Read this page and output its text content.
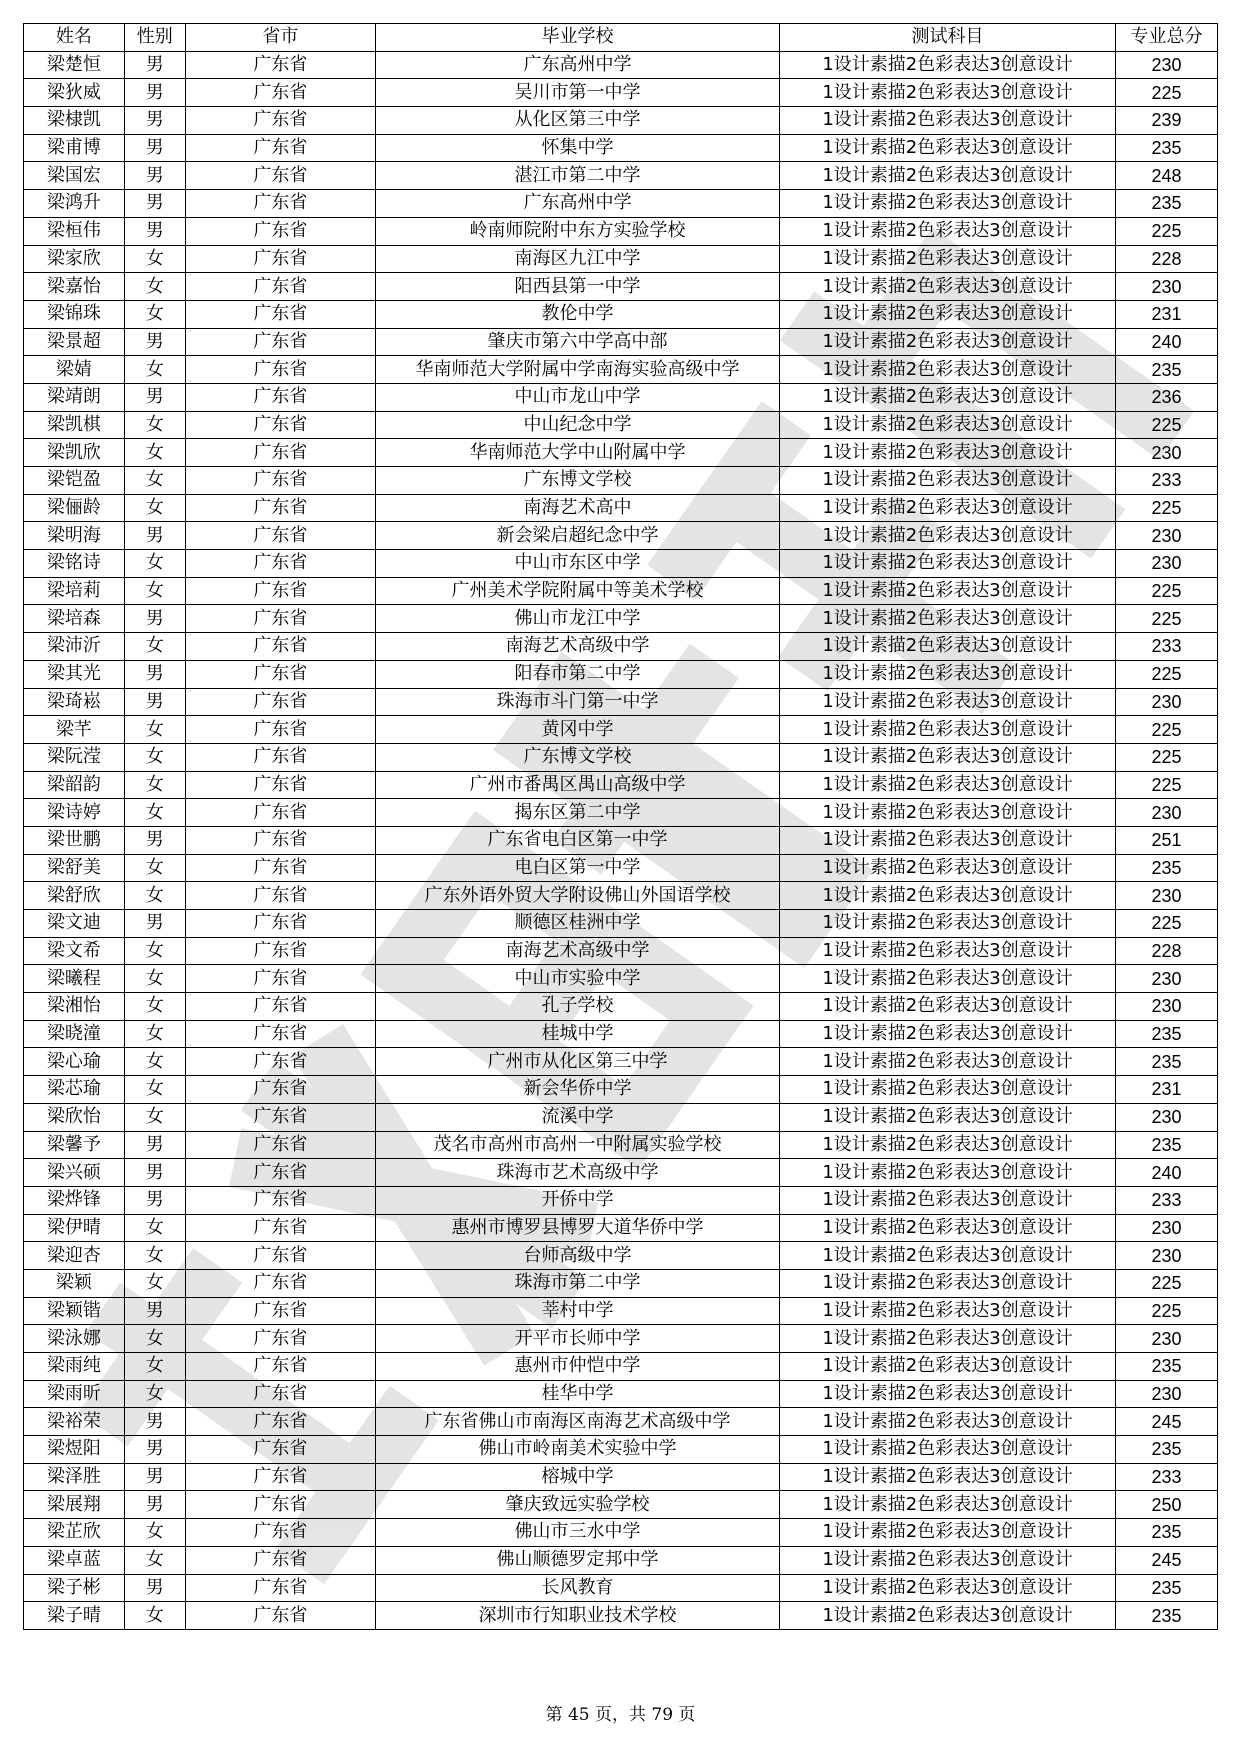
姓名	性别	省市	毕业学校	测试科目	专业总分
梁楚恒	男	广东省	广东高州中学	1设计素描2色彩表达3创意设计	230
梁狄威	男	广东省	吴川市第一中学	1设计素描2色彩表达3创意设计	225
梁棣凯	男	广东省	从化区第三中学	1设计素描2色彩表达3创意设计	239
梁甫博	男	广东省	怀集中学	1设计素描2色彩表达3创意设计	235
梁国宏	男	广东省	湛江市第二中学	1设计素描2色彩表达3创意设计	248
梁鸿升	男	广东省	广东高州中学	1设计素描2色彩表达3创意设计	235
梁桓伟	男	广东省	岭南师院附中东方实验学校	1设计素描2色彩表达3创意设计	225
梁家欣	女	广东省	南海区九江中学	1设计素描2色彩表达3创意设计	228
梁嘉怡	女	广东省	阳西县第一中学	1设计素描2色彩表达3创意设计	230
梁锦珠	女	广东省	教伦中学	1设计素描2色彩表达3创意设计	231
梁景超	男	广东省	肇庆市第六中学高中部	1设计素描2色彩表达3创意设计	240
梁婧	女	广东省	华南师范大学附属中学南海实验高级中学	1设计素描2色彩表达3创意设计	235
梁靖朗	男	广东省	中山市龙山中学	1设计素描2色彩表达3创意设计	236
梁凯棋	女	广东省	中山纪念中学	1设计素描2色彩表达3创意设计	225
梁凯欣	女	广东省	华南师范大学中山附属中学	1设计素描2色彩表达3创意设计	230
梁铠盈	女	广东省	广东博文学校	1设计素描2色彩表达3创意设计	233
梁俪龄	女	广东省	南海艺术高中	1设计素描2色彩表达3创意设计	225
梁明海	男	广东省	新会梁启超纪念中学	1设计素描2色彩表达3创意设计	230
梁铭诗	女	广东省	中山市东区中学	1设计素描2色彩表达3创意设计	230
梁培莉	女	广东省	广州美术学院附属中等美术学校	1设计素描2色彩表达3创意设计	225
梁培森	男	广东省	佛山市龙江中学	1设计素描2色彩表达3创意设计	225
梁沛沂	女	广东省	南海艺术高级中学	1设计素描2色彩表达3创意设计	233
梁其光	男	广东省	阳春市第二中学	1设计素描2色彩表达3创意设计	225
梁琦崧	男	广东省	珠海市斗门第一中学	1设计素描2色彩表达3创意设计	230
梁芊	女	广东省	黄冈中学	1设计素描2色彩表达3创意设计	225
梁阮滢	女	广东省	广东博文学校	1设计素描2色彩表达3创意设计	225
梁韶韵	女	广东省	广州市番禺区禺山高级中学	1设计素描2色彩表达3创意设计	225
梁诗婷	女	广东省	揭东区第二中学	1设计素描2色彩表达3创意设计	230
梁世鹏	男	广东省	广东省电白区第一中学	1设计素描2色彩表达3创意设计	251
梁舒美	女	广东省	电白区第一中学	1设计素描2色彩表达3创意设计	235
梁舒欣	女	广东省	广东外语外贸大学附设佛山外国语学校	1设计素描2色彩表达3创意设计	230
梁文迪	男	广东省	顺德区桂洲中学	1设计素描2色彩表达3创意设计	225
梁文希	女	广东省	南海艺术高级中学	1设计素描2色彩表达3创意设计	228
梁曦程	女	广东省	中山市实验中学	1设计素描2色彩表达3创意设计	230
梁湘怡	女	广东省	孔子学校	1设计素描2色彩表达3创意设计	230
梁晓潼	女	广东省	桂城中学	1设计素描2色彩表达3创意设计	235
梁心瑜	女	广东省	广州市从化区第三中学	1设计素描2色彩表达3创意设计	235
梁芯瑜	女	广东省	新会华侨中学	1设计素描2色彩表达3创意设计	231
梁欣怡	女	广东省	流溪中学	1设计素描2色彩表达3创意设计	230
梁馨予	男	广东省	茂名市高州市高州一中附属实验学校	1设计素描2色彩表达3创意设计	235
梁兴硕	男	广东省	珠海市艺术高级中学	1设计素描2色彩表达3创意设计	240
梁烨锋	男	广东省	开侨中学	1设计素描2色彩表达3创意设计	233
梁伊晴	女	广东省	惠州市博罗县博罗大道华侨中学	1设计素描2色彩表达3创意设计	230
梁迎杏	女	广东省	台师高级中学	1设计素描2色彩表达3创意设计	230
梁颖	女	广东省	珠海市第二中学	1设计素描2色彩表达3创意设计	225
梁颖锴	男	广东省	莘村中学	1设计素描2色彩表达3创意设计	225
梁泳娜	女	广东省	开平市长师中学	1设计素描2色彩表达3创意设计	230
梁雨纯	女	广东省	惠州市仲恺中学	1设计素描2色彩表达3创意设计	235
梁雨昕	女	广东省	桂华中学	1设计素描2色彩表达3创意设计	230
梁裕荣	男	广东省	广东省佛山市南海区南海艺术高级中学	1设计素描2色彩表达3创意设计	245
梁煜阳	男	广东省	佛山市岭南美术实验中学	1设计素描2色彩表达3创意设计	235
梁泽胜	男	广东省	榕城中学	1设计素描2色彩表达3创意设计	233
梁展翔	男	广东省	肇庆致远实验学校	1设计素描2色彩表达3创意设计	250
梁芷欣	女	广东省	佛山市三水中学	1设计素描2色彩表达3创意设计	235
梁卓蓝	女	广东省	佛山顺德罗定邦中学	1设计素描2色彩表达3创意设计	245
梁子彬	男	广东省	长风教育	1设计素描2色彩表达3创意设计	235
梁子晴	女	广东省	深圳市行知职业技术学校	1设计素描2色彩表达3创意设计	235
第 45 页，共 79 页
